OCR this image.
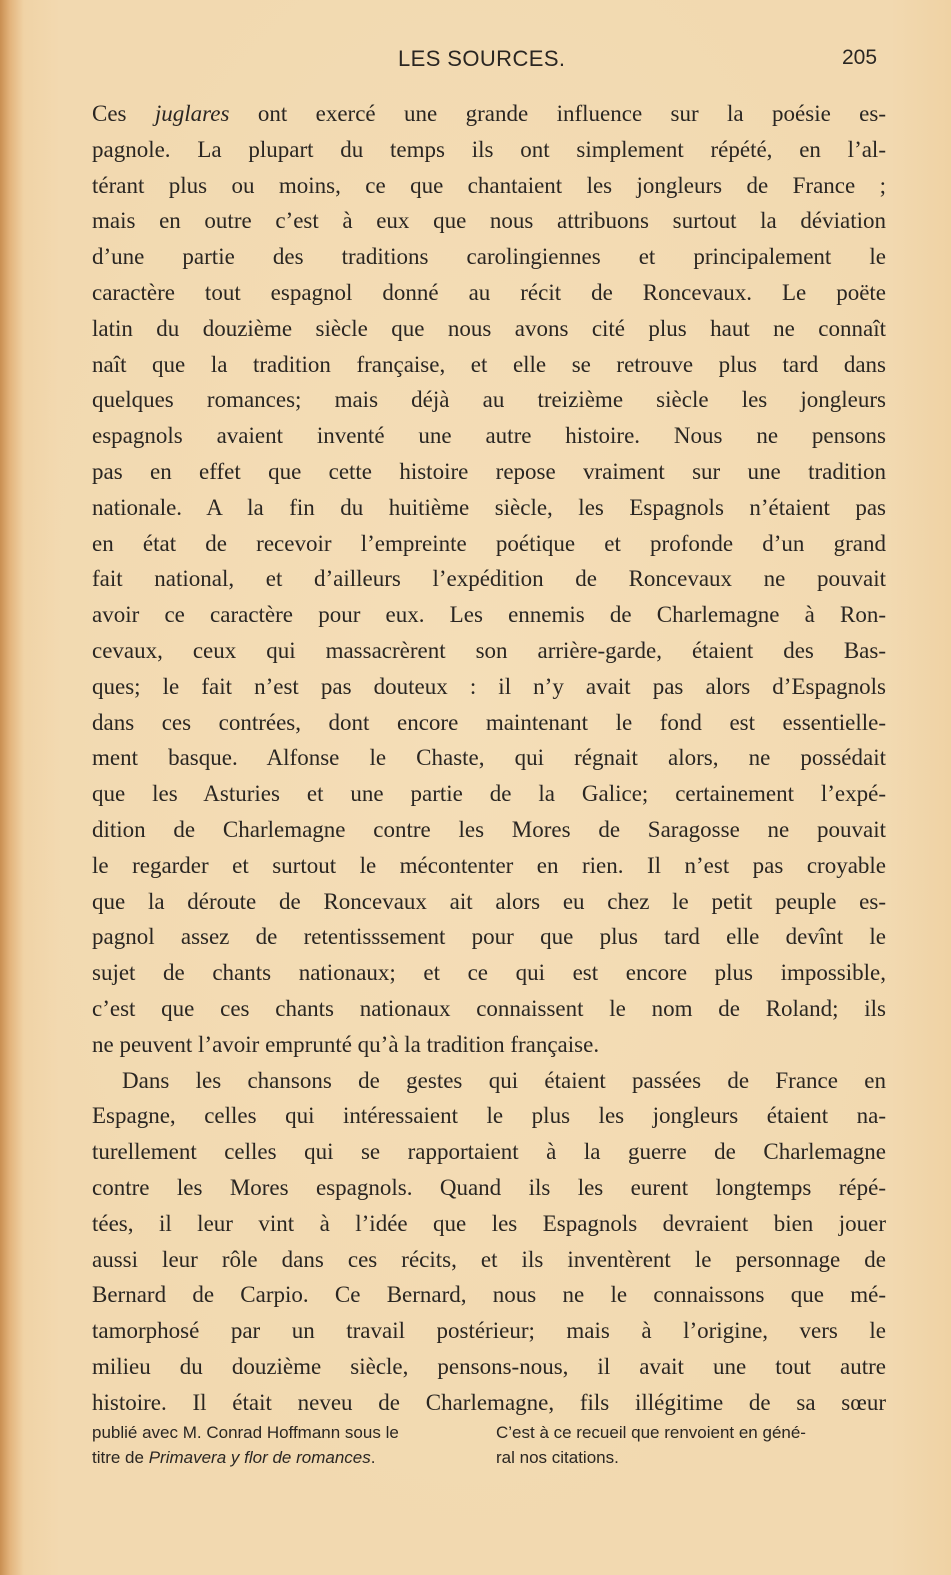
LES SOURCES.	205
Ces juglares ont exercé une grande influence sur la poésie es-
pagnole. La plupart du temps ils ont simplement répété, en l’al-
térant plus ou moins, ce que chantaient les jongleurs de France ;
mais en outre c’est à eux que nous attribuons surtout la déviation
d’une partie des traditions carolingiennes et principalement le
caractère tout espagnol donné au récit de Roncevaux. Le poëte
latin du douzième siècle que nous avons cité plus haut ne connaît
naît que la tradition française, et elle se retrouve plus tard dans
quelques romances; mais déjà au treizième siècle les jongleurs
espagnols avaient inventé une autre histoire. Nous ne pensons
pas en effet que cette histoire repose vraiment sur une tradition
nationale. A la fin du huitième siècle, les Espagnols n’étaient pas
en état de recevoir l’empreinte poétique et profonde d’un grand
fait national, et d’ailleurs l’expédition de Roncevaux ne pouvait
avoir ce caractère pour eux. Les ennemis de Charlemagne à Ron-
cevaux, ceux qui massacrèrent son arrière-garde, étaient des Bas-
ques; le fait n’est pas douteux : il n’y avait pas alors d’Espagnols
dans ces contrées, dont encore maintenant le fond est essentielle-
ment basque. Alfonse le Chaste, qui régnait alors, ne possédait
que les Asturies et une partie de la Galice; certainement l’expé-
dition de Charlemagne contre les Mores de Saragosse ne pouvait
le regarder et surtout le mécontenter en rien. Il n’est pas croyable
que la déroute de Roncevaux ait alors eu chez le petit peuple es-
pagnol assez de retentisssement pour que plus tard elle devînt le
sujet de chants nationaux; et ce qui est encore plus impossible,
c’est que ces chants nationaux connaissent le nom de Roland; ils
ne peuvent l’avoir emprunté qu’à la tradition française.
Dans les chansons de gestes qui étaient passées de France en
Espagne, celles qui intéressaient le plus les jongleurs étaient na-
turellement celles qui se rapportaient à la guerre de Charlemagne
contre les Mores espagnols. Quand ils les eurent longtemps répé-
tées, il leur vint à l’idée que les Espagnols devraient bien jouer
aussi leur rôle dans ces récits, et ils inventèrent le personnage de
Bernard de Carpio. Ce Bernard, nous ne le connaissons que mé-
tamorphosé par un travail postérieur; mais à l’origine, vers le
milieu du douzième siècle, pensons-nous, il avait une tout autre
histoire. Il était neveu de Charlemagne, fils illégitime de sa sœur
publié avec M. Conrad Hoffmann sous le
titre de Primavera y flor de romances.
C’est à ce recueil que renvoient en géné-
ral nos citations.
